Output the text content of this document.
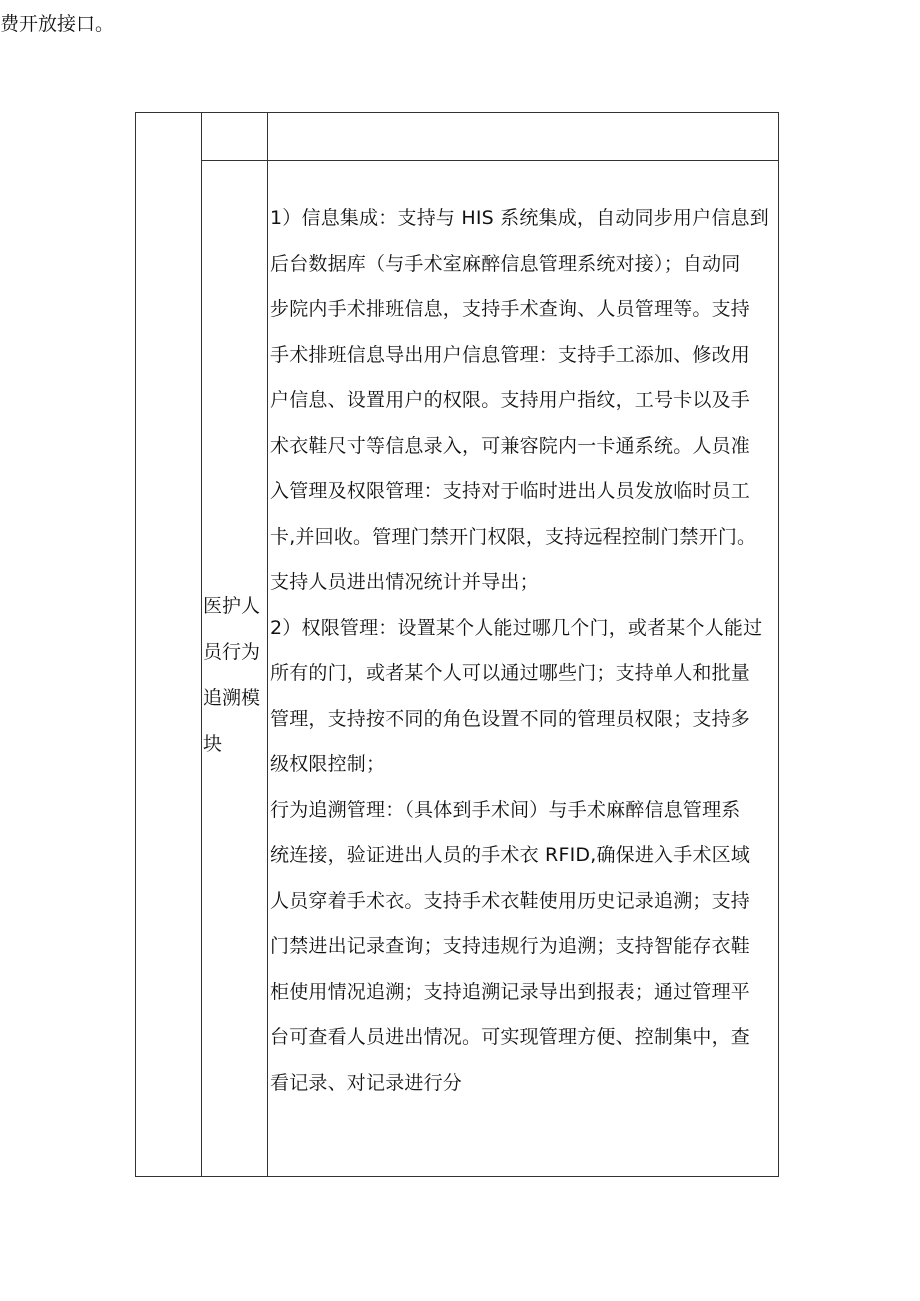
费开放接口。
医护人
员行为
追溯模
块
1）信息集成：支持与 HIS 系统集成，自动同步用户信息到
后台数据库（与手术室麻醉信息管理系统对接）；自动同
步院内手术排班信息，支持手术查询、人员管理等。支持
手术排班信息导出用户信息管理：支持手工添加、修改用
户信息、设置用户的权限。支持用户指纹，工号卡以及手
术衣鞋尺寸等信息录入，可兼容院内一卡通系统。人员准
入管理及权限管理：支持对于临时进出人员发放临时员工
卡,并回收。管理门禁开门权限，支持远程控制门禁开门。
支持人员进出情况统计并导出；
2）权限管理：设置某个人能过哪几个门，或者某个人能过
所有的门，或者某个人可以通过哪些门；支持单人和批量
管理，支持按不同的角色设置不同的管理员权限；支持多
级权限控制；
行为追溯管理：（具体到手术间）与手术麻醉信息管理系
统连接，验证进出人员的手术衣 RFID,确保进入手术区域
人员穿着手术衣。支持手术衣鞋使用历史记录追溯；支持
门禁进出记录查询；支持违规行为追溯；支持智能存衣鞋
柜使用情况追溯；支持追溯记录导出到报表；通过管理平
台可查看人员进出情况。可实现管理方便、控制集中，查
看记录、对记录进行分
